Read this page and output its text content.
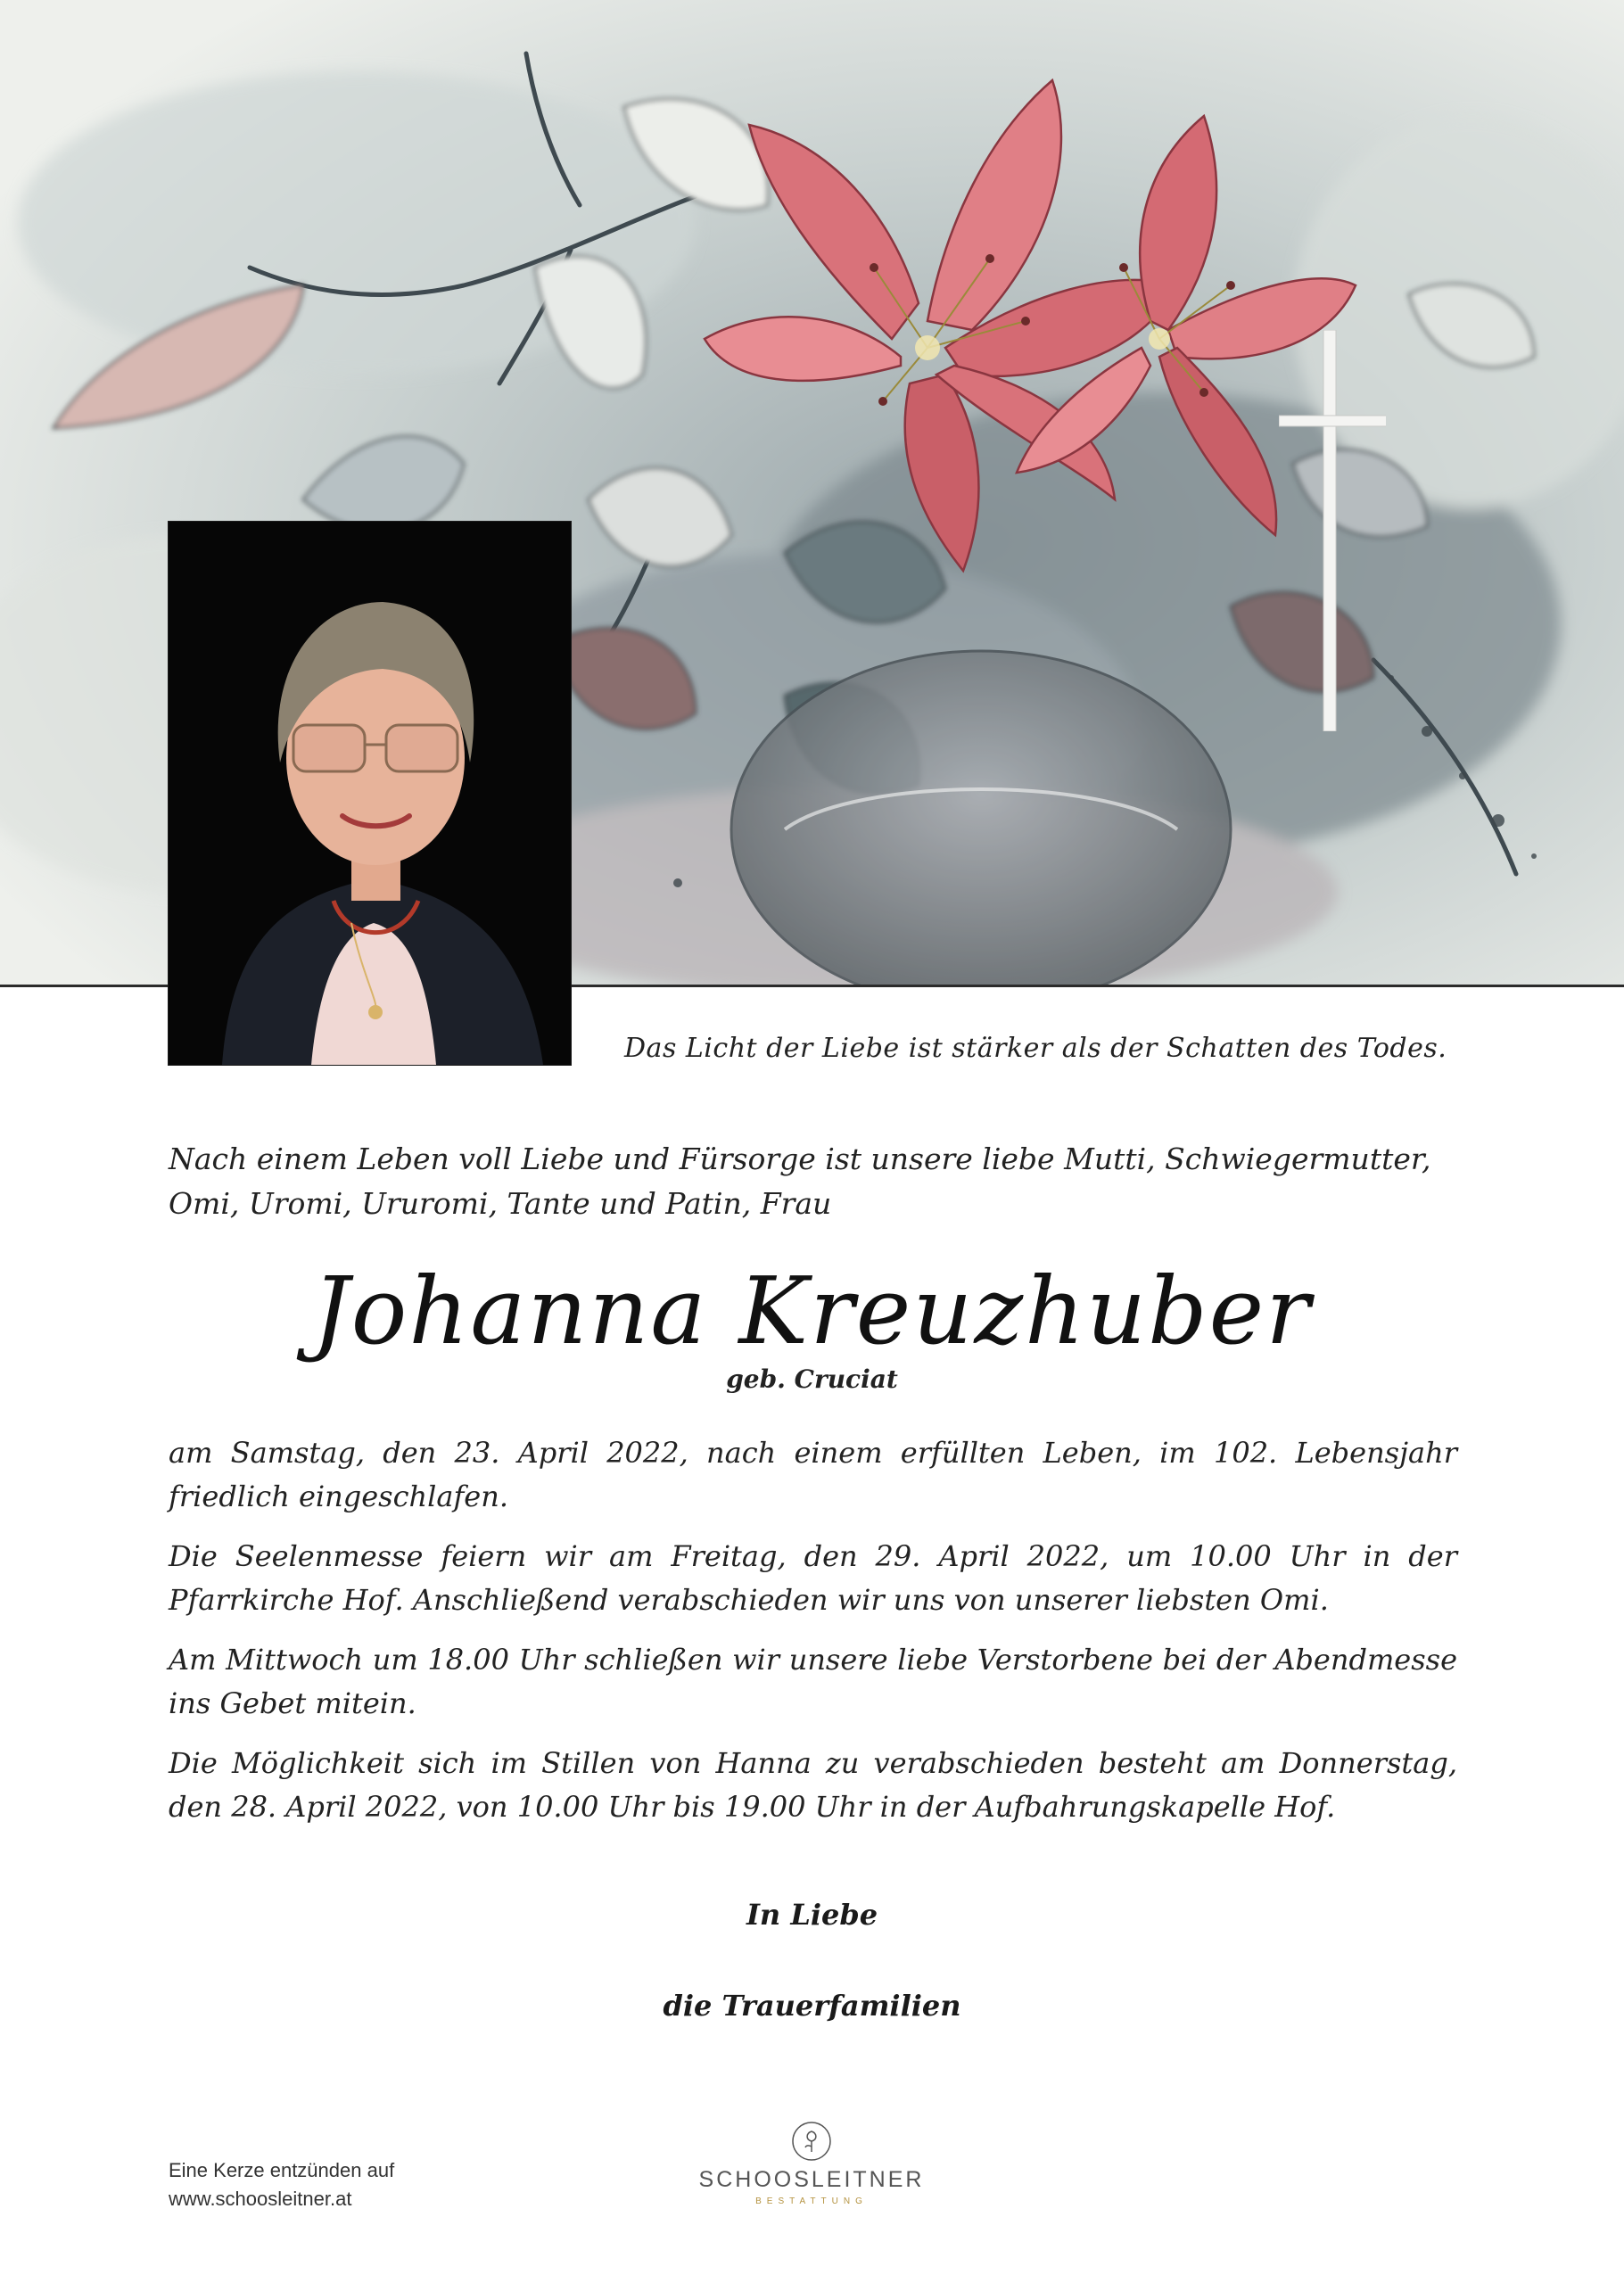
Das Licht der Liebe ist stärker als der Schatten des Todes.
Nach einem Leben voll Liebe und Fürsorge ist unsere liebe Mutti, Schwiegermutter, Omi, Uromi, Ururomi, Tante und Patin, Frau
Johanna Kreuzhuber
geb. Cruciat

am Samstag, den 23. April 2022, nach einem erfüllten Leben, im 102. Lebensjahr friedlich eingeschlafen.

Die Seelenmesse feiern wir am Freitag, den 29. April 2022, um 10.00 Uhr in der Pfarrkirche Hof. Anschließend verabschieden wir uns von unserer liebsten Omi.

Am Mittwoch um 18.00 Uhr schließen wir unsere liebe Verstorbene bei der Abendmesse ins Gebet mitein.

Die Möglichkeit sich im Stillen von Hanna zu verabschieden besteht am Donnerstag, den 28. April 2022, von 10.00 Uhr bis 19.00 Uhr in der Aufbahrungskapelle Hof.

In Liebe
die Trauerfamilien
Eine Kerze entzünden auf
www.schoosleitner.at
SCHOOSLEITNER
BESTATTUNG
